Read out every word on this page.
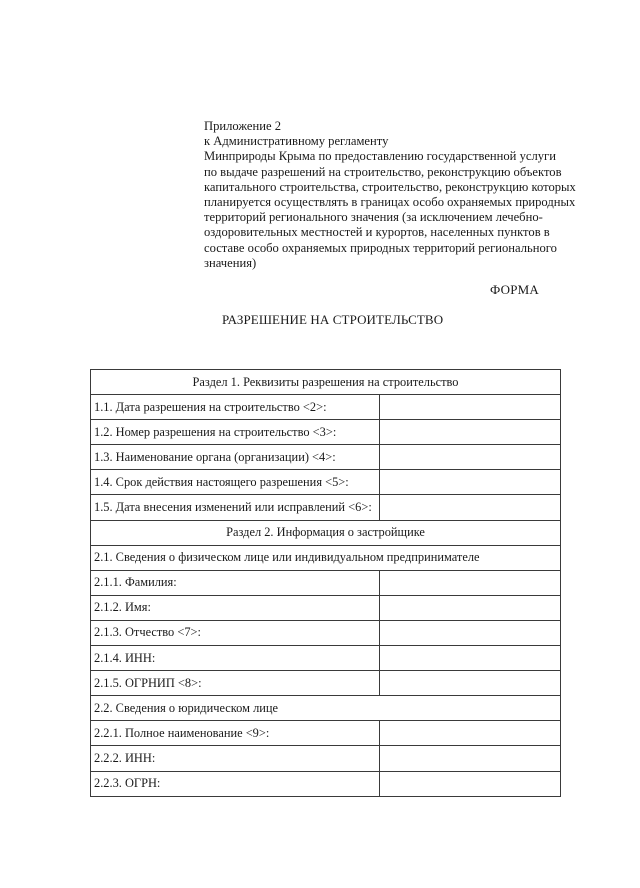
Приложение 2
к Административному регламенту
Минприроды Крыма по предоставлению государственной услуги
по выдаче разрешений на строительство, реконструкцию объектов
капитального строительства, строительство, реконструкцию которых
планируется осуществлять в границах особо охраняемых природных
территорий регионального значения (за исключением лечебно-
оздоровительных местностей и курортов, населенных пунктов в
составе особо охраняемых природных территорий регионального
значения)
ФОРМА
РАЗРЕШЕНИЕ НА СТРОИТЕЛЬСТВО
Раздел 1. Реквизиты разрешения на строительство	
1.1. Дата разрешения на строительство <2>:	
1.2. Номер разрешения на строительство <3>:	
1.3. Наименование органа (организации) <4>:	
1.4. Срок действия настоящего разрешения <5>:	
1.5. Дата внесения изменений или исправлений <6>:	
Раздел 2. Информация о застройщике	
2.1. Сведения о физическом лице или индивидуальном предпринимателе	
2.1.1. Фамилия:	
2.1.2. Имя:	
2.1.3. Отчество <7>:	
2.1.4. ИНН:	
2.1.5. ОГРНИП <8>:	
2.2. Сведения о юридическом лице	
2.2.1. Полное наименование <9>:	
2.2.2. ИНН:	
2.2.3. ОГРН:	
